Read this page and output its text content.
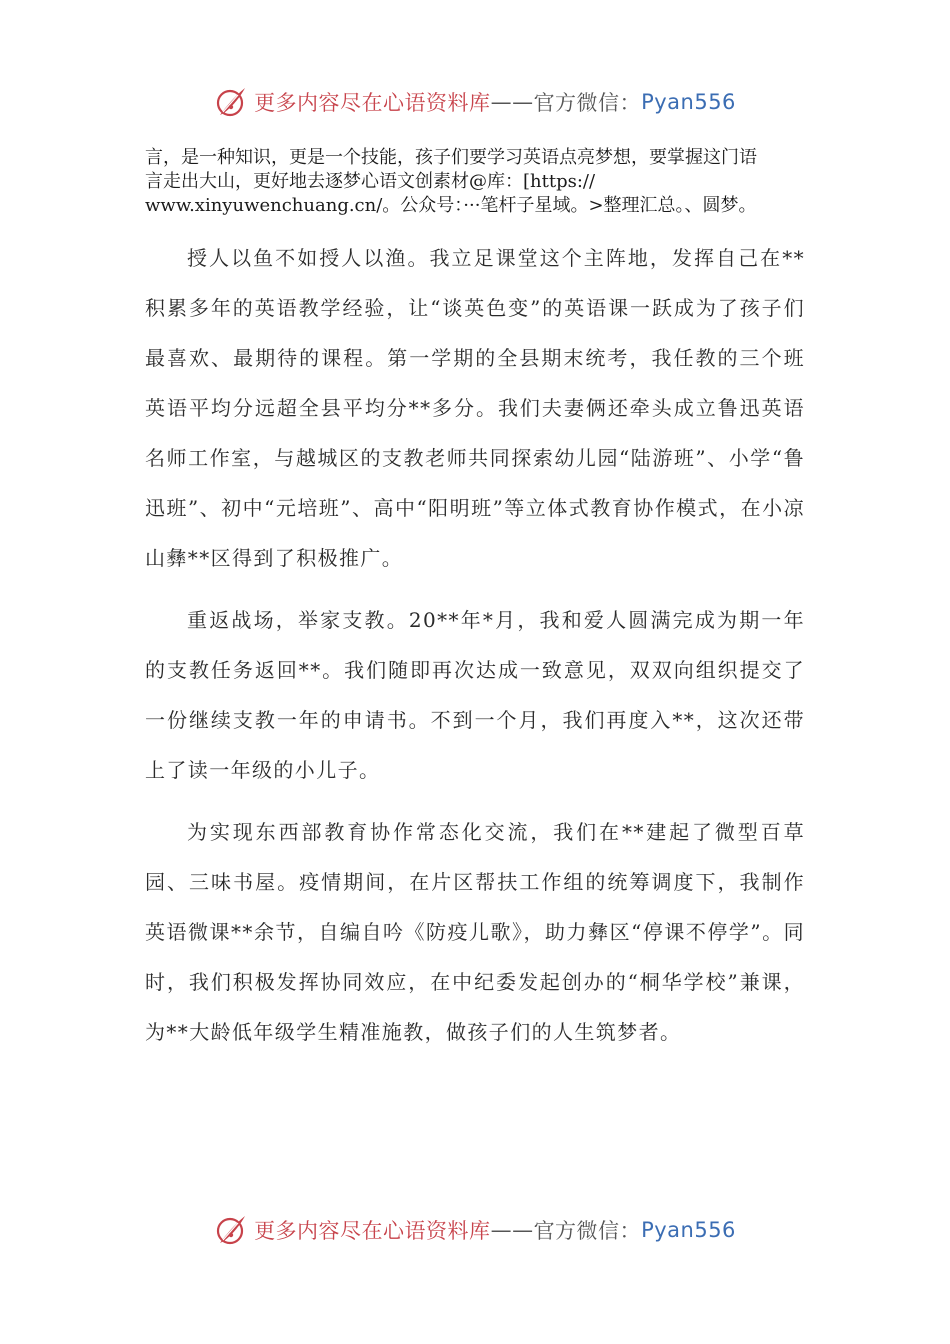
更多内容尽在心语资料库 —— 官方微信： Pyan556

言，是一种知识，更是一个技能，孩子们要学习英语点亮梦想，要掌握这门语

言走出大山，更好地去逐梦心语文创素材@库：[https://

www.xinyuwenchuang.cn/。公众号：···笔杆子星域。>整理汇总。、圆梦。

授人以鱼不如授人以渔。我立足课堂这个主阵地，发挥自己在**积累多年的英语教学经验，让“谈英色变”的英语课一跃成为了孩子们最喜欢、最期待的课程。第一学期的全县期末统考，我任教的三个班英语平均分远超全县平均分**多分。我们夫妻俩还牵头成立鲁迅英语名师工作室，与越城区的支教老师共同探索幼儿园“陆游班”、小学“鲁迅班”、初中“元培班”、高中“阳明班”等立体式教育协作模式，在小凉山彝**区得到了积极推广。

重返战场，举家支教。20**年*月，我和爱人圆满完成为期一年的支教任务返回**。我们随即再次达成一致意见，双双向组织提交了一份继续支教一年的申请书。不到一个月，我们再度入**，这次还带上了读一年级的小儿子。

为实现东西部教育协作常态化交流，我们在**建起了微型百草园、三味书屋。疫情期间，在片区帮扶工作组的统筹调度下，我制作英语微课**余节，自编自吟《防疫儿歌》，助力彝区“停课不停学”。同时，我们积极发挥协同效应，在中纪委发起创办的“桐华学校”兼课，为**大龄低年级学生精准施教，做孩子们的人生筑梦者。

更多内容尽在心语资料库 —— 官方微信： Pyan556
